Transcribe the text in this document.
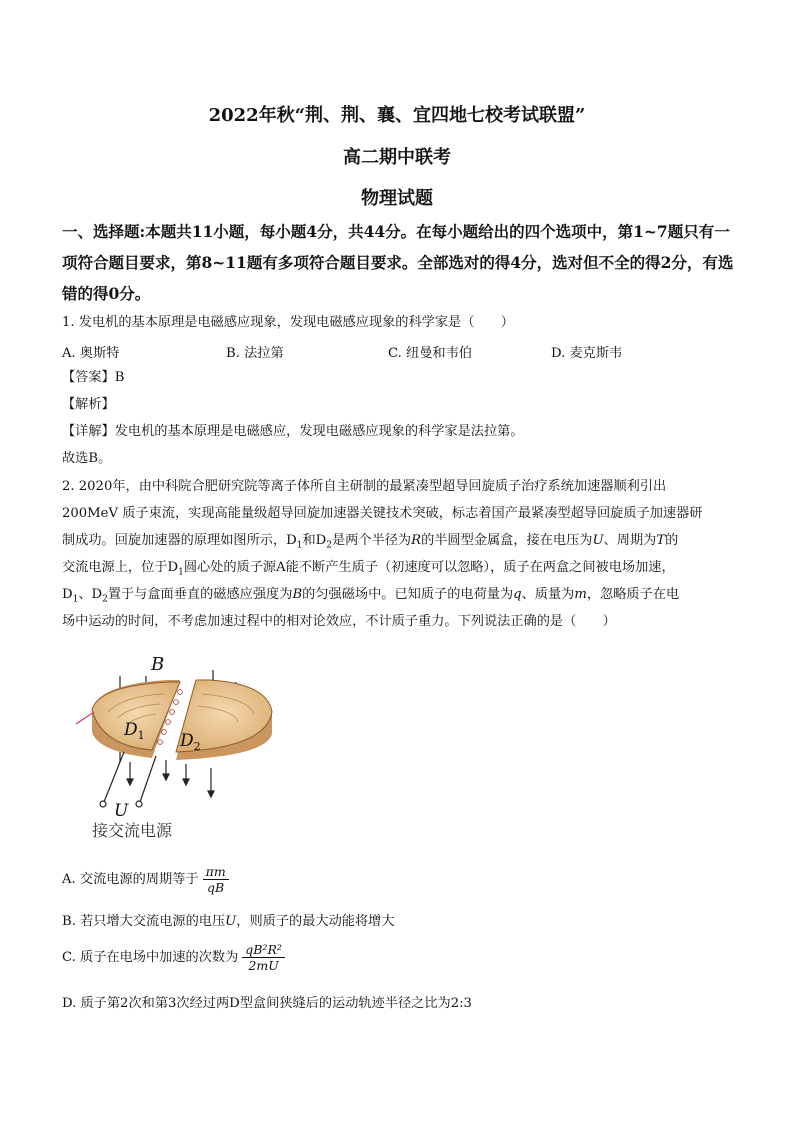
2022年秋“荆、荆、襄、宜四地七校考试联盟”
高二期中联考
物理试题
一、选择题:本题共11小题，每小题4分，共44分。在每小题给出的四个选项中，第1~7题只有一项符合题目要求，第8~11题有多项符合题目要求。全部选对的得4分，选对但不全的得2分，有选错的得0分。
1. 发电机的基本原理是电磁感应现象，发现电磁感应现象的科学家是（　　）
A. 奥斯特	B. 法拉第	C. 纽曼和韦伯	D. 麦克斯韦
【答案】B
【解析】
【详解】发电机的基本原理是电磁感应，发现电磁感应现象的科学家是法拉第。
故选B。
2. 2020年，由中科院合肥研究院等离子体所自主研制的最紧凑型超导回旋质子治疗系统加速器顺利引出
200MeV 质子束流，实现高能量级超导回旋加速器关键技术突破，标志着国产最紧凑型超导回旋质子加速器研
制成功。回旋加速器的原理如图所示，$D_1$和$D_2$是两个半径为R的半圆型金属盒，接在电压为U、周期为T的
交流电源上，位于$D_1$圆心处的质子源A能不断产生质子（初速度可以忽略），质子在两盒之间被电场加速，
$D_1$、$D_2$置于与盒面垂直的磁感应强度为B的匀强磁场中。已知质子的电荷量为q、质量为m，忽略质子在电
场中运动的时间，不考虑加速过程中的相对论效应，不计质子重力。下列说法正确的是（　　）
B
$D_1$ $D_2$
U
接交流电源
A. 交流电源的周期等于 $\frac{\pi m}{qB}$
B. 若只增大交流电源的电压U，则质子的最大动能将增大
C. 质子在电场中加速的次数为 $\frac{\text{qB²R²}}{2mU}$
D. 质子第2次和第3次经过两D型盒间狭缝后的运动轨迹半径之比为2:3
